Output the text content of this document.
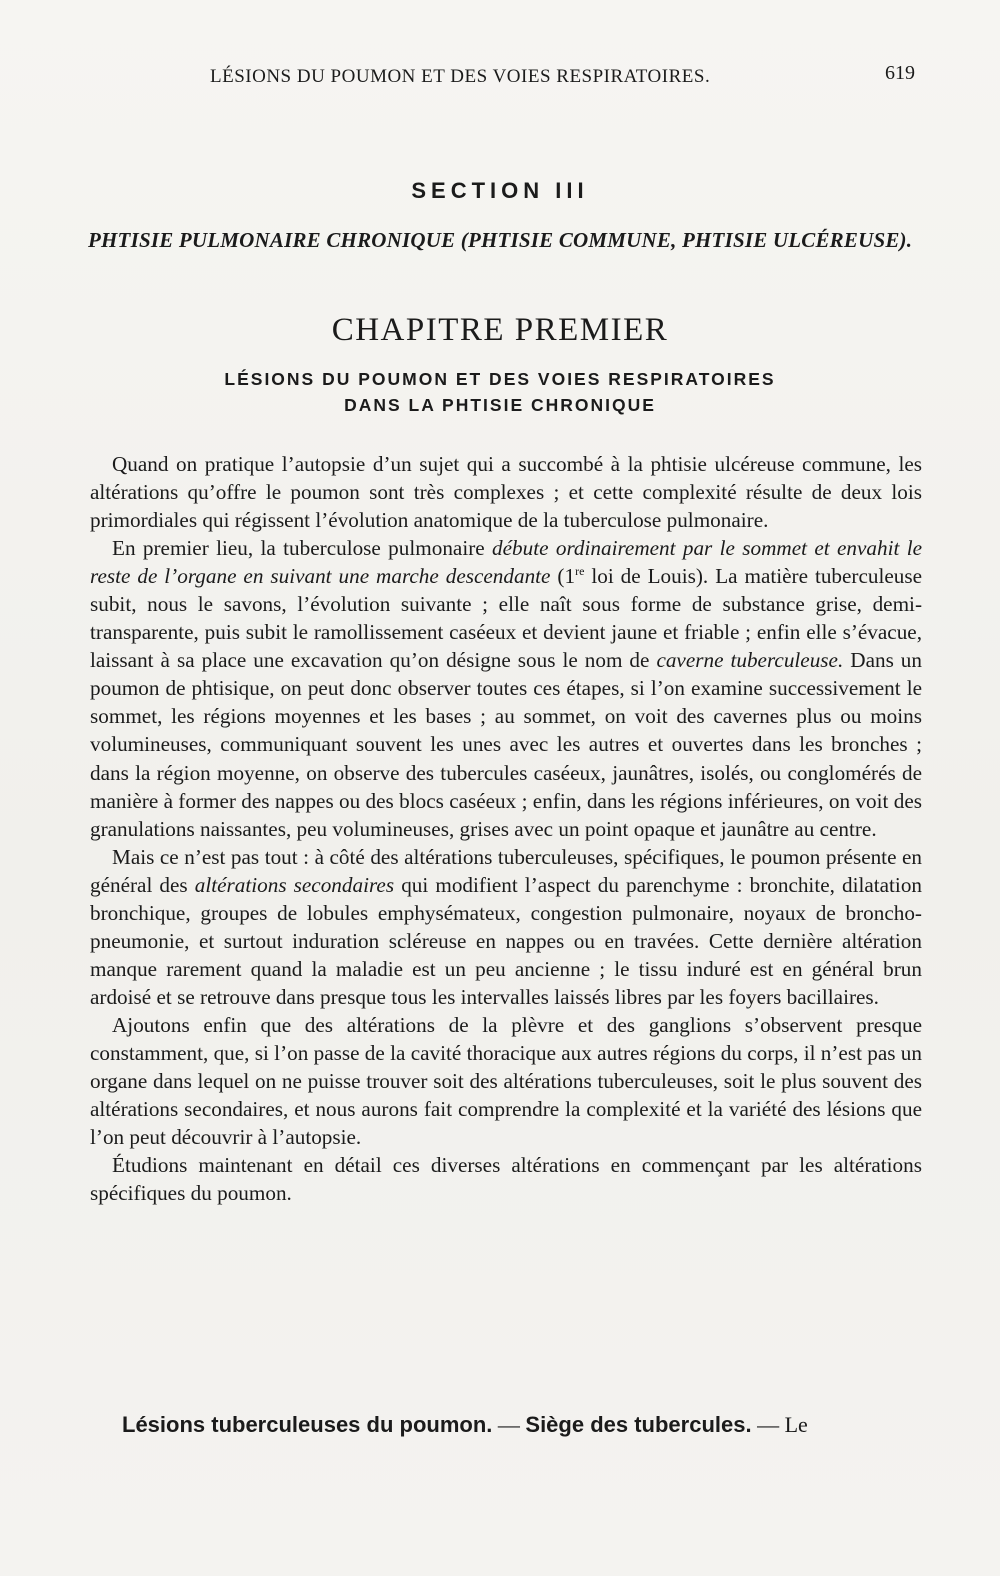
LÉSIONS DU POUMON ET DES VOIES RESPIRATOIRES.	619
SECTION III
PHTISIE PULMONAIRE CHRONIQUE (PHTISIE COMMUNE, PHTISIE ULCÉREUSE).
CHAPITRE PREMIER
LÉSIONS DU POUMON ET DES VOIES RESPIRATOIRES
DANS LA PHTISIE CHRONIQUE

Quand on pratique l’autopsie d’un sujet qui a succombé à la phtisie ulcéreuse commune, les altérations qu’offre le poumon sont très complexes ; et cette complexité résulte de deux lois primordiales qui régissent l’évolution anatomique de la tuberculose pulmonaire.

En premier lieu, la tuberculose pulmonaire débute ordinairement par le sommet et envahit le reste de l’organe en suivant une marche descendante (1re loi de Louis). La matière tuberculeuse subit, nous le savons, l’évolution suivante ; elle naît sous forme de substance grise, demi-transparente, puis subit le ramollissement caséeux et devient jaune et friable ; enfin elle s’évacue, laissant à sa place une excavation qu’on désigne sous le nom de caverne tuberculeuse. Dans un poumon de phtisique, on peut donc observer toutes ces étapes, si l’on examine successivement le sommet, les régions moyennes et les bases ; au sommet, on voit des cavernes plus ou moins volumineuses, communiquant souvent les unes avec les autres et ouvertes dans les bronches ; dans la région moyenne, on observe des tubercules caséeux, jaunâtres, isolés, ou conglomérés de manière à former des nappes ou des blocs caséeux ; enfin, dans les régions inférieures, on voit des granulations naissantes, peu volumineuses, grises avec un point opaque et jaunâtre au centre.

Mais ce n’est pas tout : à côté des altérations tuberculeuses, spécifiques, le poumon présente en général des altérations secondaires qui modifient l’aspect du parenchyme : bronchite, dilatation bronchique, groupes de lobules emphysémateux, congestion pulmonaire, noyaux de broncho-pneumonie, et surtout induration scléreuse en nappes ou en travées. Cette dernière altération manque rarement quand la maladie est un peu ancienne ; le tissu induré est en général brun ardoisé et se retrouve dans presque tous les intervalles laissés libres par les foyers bacillaires.

Ajoutons enfin que des altérations de la plèvre et des ganglions s’observent presque constamment, que, si l’on passe de la cavité thoracique aux autres régions du corps, il n’est pas un organe dans lequel on ne puisse trouver soit des altérations tuberculeuses, soit le plus souvent des altérations secondaires, et nous aurons fait comprendre la complexité et la variété des lésions que l’on peut découvrir à l’autopsie.

Étudions maintenant en détail ces diverses altérations en commençant par les altérations spécifiques du poumon.

Lésions tuberculeuses du poumon. — Siège des tubercules. — Le
